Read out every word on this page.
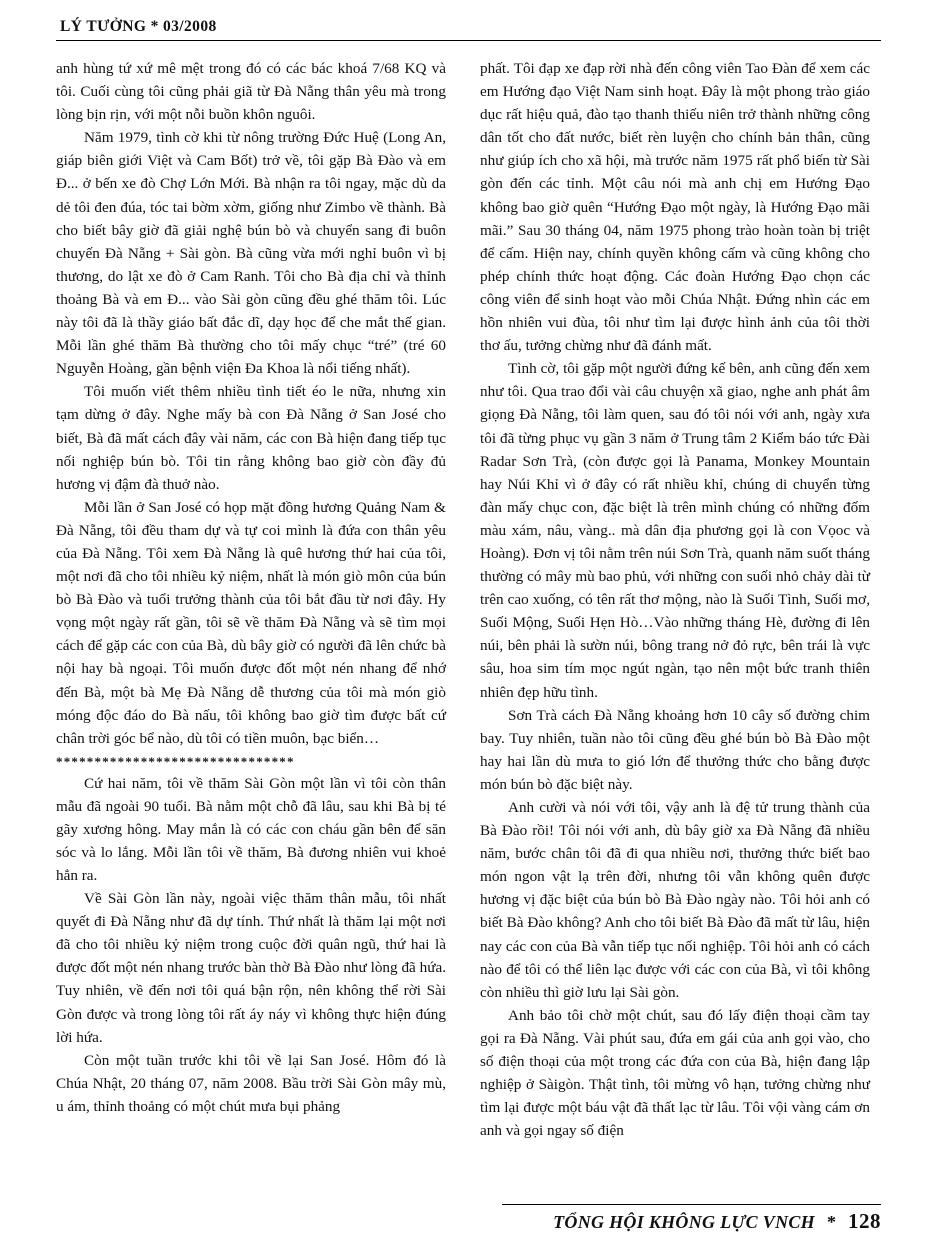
LÝ TƯỞNG * 03/2008

anh hùng tứ xứ mê mệt trong đó có các bác khoá 7/68 KQ và tôi. Cuối cùng tôi cũng phải giã từ Đà Nẵng thân yêu mà trong lòng bịn rịn, với một nỗi buồn khôn nguôi.

Năm 1979, tình cờ khi từ nông trường Đức Huệ (Long An, giáp biên giới Việt và Cam Bốt) trở về, tôi gặp Bà Đào và em Đ... ở bến xe đò Chợ Lớn Mới. Bà nhận ra tôi ngay, mặc dù da dẻ tôi đen đúa, tóc tai bờm xờm, giống như Zimbo về thành. Bà cho biết bây giờ đã giải nghệ bún bò và chuyển sang đi buôn chuyến Đà Nẵng + Sài gòn. Bà cũng vừa mới nghỉ buôn vì bị thương, do lật xe đò ở Cam Ranh. Tôi cho Bà địa chỉ và thỉnh thoảng Bà và em Đ... vào Sài gòn cũng đều ghé thăm tôi. Lúc này tôi đã là thầy giáo bất đắc dĩ, dạy học để che mắt thế gian. Mỗi lần ghé thăm Bà thường cho tôi mấy chục “tré” (tré 60 Nguyễn Hoàng, gần bệnh viện Đa Khoa là nổi tiếng nhất).

Tôi muốn viết thêm nhiều tình tiết éo le nữa, nhưng xin tạm dừng ở đây. Nghe mấy bà con Đà Nẵng ở San José cho biết, Bà đã mất cách đây vài năm, các con Bà hiện đang tiếp tục nối nghiệp bún bò. Tôi tin rằng không bao giờ còn đầy đủ hương vị đậm đà thuở nào.

Mỗi lần ở San José có họp mặt đồng hương Quảng Nam & Đà Nẵng, tôi đều tham dự và tự coi mình là đứa con thân yêu của Đà Nẵng. Tôi xem Đà Nẵng là quê hương thứ hai của tôi, một nơi đã cho tôi nhiều kỷ niệm, nhất là món giò môn của bún bò Bà Đào và tuổi trưởng thành của tôi bắt đầu từ nơi đây. Hy vọng một ngày rất gần, tôi sẽ về thăm Đà Nẵng và sẽ tìm mọi cách để gặp các con của Bà, dù bây giờ có người đã lên chức bà nội hay bà ngoại. Tôi muốn được đốt một nén nhang để nhớ đến Bà, một bà Mẹ Đà Nẵng dễ thương của tôi mà món giò móng độc đáo do Bà nấu, tôi không bao giờ tìm được bất cứ chân trời góc bể nào, dù tôi có tiền muôn, bạc biển…

*******************************

Cứ hai năm, tôi về thăm Sài Gòn một lần vì tôi còn thân mẫu đã ngoài 90 tuổi. Bà nằm một chỗ đã lâu, sau khi Bà bị té gãy xương hông. May mắn là có các con cháu gần bên để săn sóc và lo lắng. Mỗi lần tôi về thăm, Bà đương nhiên vui khoẻ hẳn ra.

Về Sài Gòn lần này, ngoài việc thăm thân mẫu, tôi nhất quyết đi Đà Nẵng như đã dự tính. Thứ nhất là thăm lại một nơi đã cho tôi nhiều kỷ niệm trong cuộc đời quân ngũ, thứ hai là được đốt một nén nhang trước bàn thờ Bà Đào như lòng đã hứa. Tuy nhiên, về đến nơi tôi quá bận rộn, nên không thể rời Sài Gòn được và trong lòng tôi rất áy náy vì không thực hiện đúng lời hứa.

Còn một tuần trước khi tôi về lại San José. Hôm đó là Chúa Nhật, 20 tháng 07, năm 2008. Bầu trời Sài Gòn mây mù, u ám, thỉnh thoảng có một chút mưa bụi phảng

phất. Tôi đạp xe đạp rời nhà đến công viên Tao Đàn để xem các em Hướng đạo Việt Nam sinh hoạt. Đây là một phong trào giáo dục rất hiệu quả, đào tạo thanh thiếu niên trở thành những công dân tốt cho đất nước, biết rèn luyện cho chính bản thân, cũng như giúp ích cho xã hội, mà trước năm 1975 rất phổ biến từ Sài gòn đến các tỉnh. Một câu nói mà anh chị em Hướng Đạo không bao giờ quên “Hướng Đạo một ngày, là Hướng Đạo mãi mãi.” Sau 30 tháng 04, năm 1975 phong trào hoàn toàn bị triệt để cấm. Hiện nay, chính quyền không cấm và cũng không cho phép chính thức hoạt động. Các đoàn Hướng Đạo chọn các công viên để sinh hoạt vào mỗi Chúa Nhật. Đứng nhìn các em hồn nhiên vui đùa, tôi như tìm lại được hình ảnh của tôi thời thơ ấu, tưởng chừng như đã đánh mất.

Tình cờ, tôi gặp một người đứng kế bên, anh cũng đến xem như tôi. Qua trao đổi vài câu chuyện xã giao, nghe anh phát âm giọng Đà Nẵng, tôi làm quen, sau đó tôi nói với anh, ngày xưa tôi đã từng phục vụ gần 3 năm ở Trung tâm 2 Kiểm báo tức Đài Radar Sơn Trà, (còn được gọi là Panama, Monkey Mountain hay Núi Khỉ vì ở đây có rất nhiều khỉ, chúng di chuyển từng đàn mấy chục con, đặc biệt là trên mình chúng có những đốm màu xám, nâu, vàng.. mà dân địa phương gọi là con Vọoc và Hoàng). Đơn vị tôi nằm trên núi Sơn Trà, quanh năm suốt tháng thường có mây mù bao phủ, với những con suối nhỏ chảy dài từ trên cao xuống, có tên rất thơ mộng, nào là Suối Tình, Suối mơ, Suối Mộng, Suối Hẹn Hò…Vào những tháng Hè, đường đi lên núi, bên phải là sườn núi, bông trang nở đỏ rực, bên trái là vực sâu, hoa sim tím mọc ngút ngàn, tạo nên một bức tranh thiên nhiên đẹp hữu tình.

Sơn Trà cách Đà Nẵng khoảng hơn 10 cây số đường chim bay. Tuy nhiên, tuần nào tôi cũng đều ghé bún bò Bà Đào một hay hai lần dù mưa to gió lớn để thưởng thức cho bằng được món bún bò đặc biệt này.

Anh cười và nói với tôi, vậy anh là đệ tử trung thành của Bà Đào rồi! Tôi nói với anh, dù bây giờ xa Đà Nẵng đã nhiều năm, bước chân tôi đã đi qua nhiều nơi, thưởng thức biết bao món ngon vật lạ trên đời, nhưng tôi vẫn không quên được hương vị đặc biệt của bún bò Bà Đào ngày nào. Tôi hỏi anh có biết Bà Đào không? Anh cho tôi biết Bà Đào đã mất từ lâu, hiện nay các con của Bà vẫn tiếp tục nối nghiệp. Tôi hỏi anh có cách nào để tôi có thể liên lạc được với các con của Bà, vì tôi không còn nhiều thì giờ lưu lại Sài gòn.

Anh bảo tôi chờ một chút, sau đó lấy điện thoại cầm tay gọi ra Đà Nẵng. Vài phút sau, đứa em gái của anh gọi vào, cho số điện thoại của một trong các đứa con của Bà, hiện đang lập nghiệp ở Sàigòn. Thật tình, tôi mừng vô hạn, tưởng chừng như tìm lại được một báu vật đã thất lạc từ lâu. Tôi vội vàng cám ơn anh và gọi ngay số điện

TỔNG HỘI KHÔNG LỰC VNCH * 128
